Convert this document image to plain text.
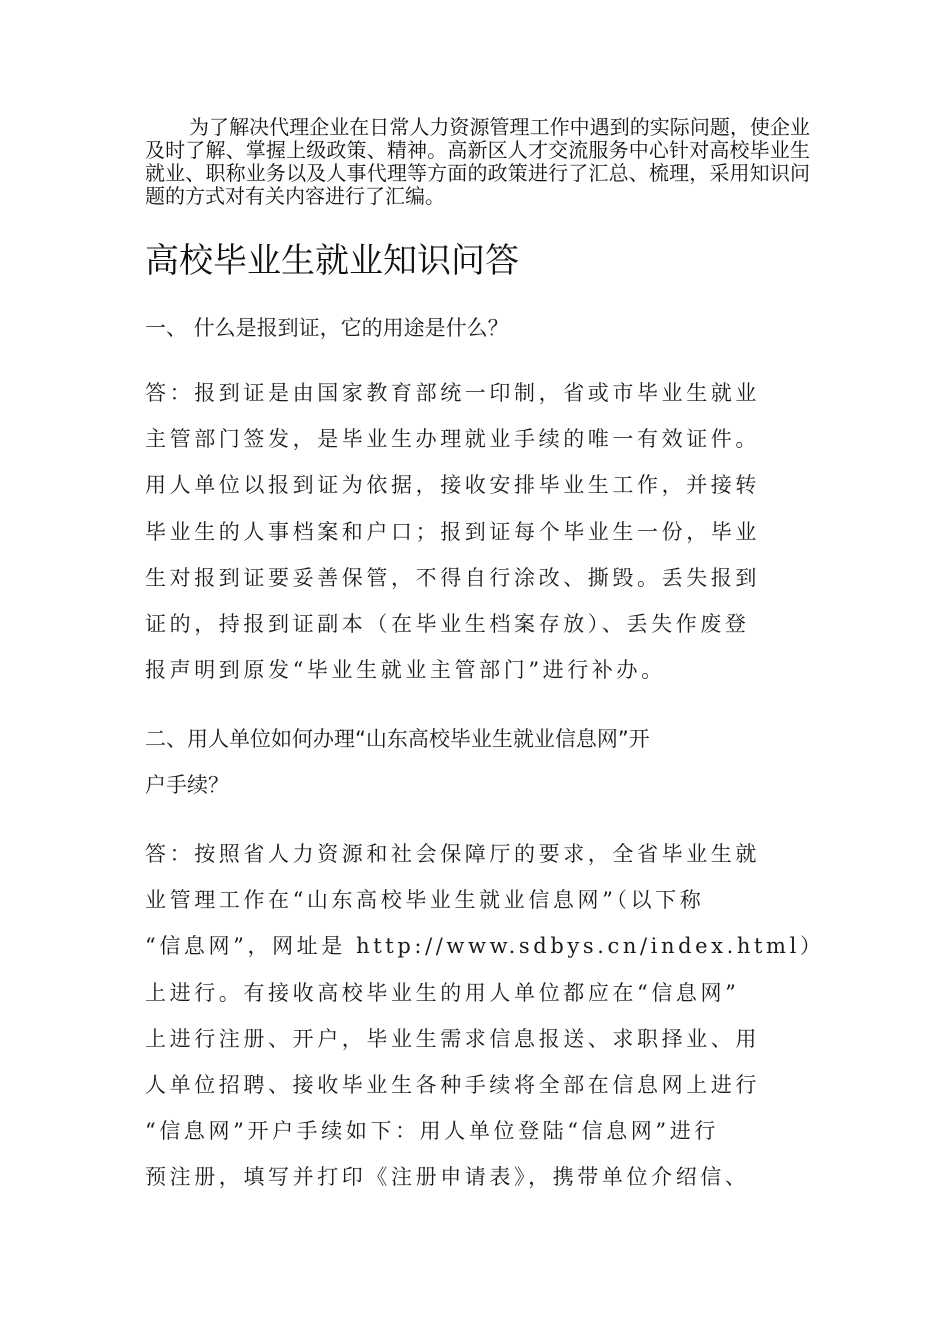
为了解决代理企业在日常人力资源管理工作中遇到的实际问题，使企业及时了解、掌握上级政策、精神。高新区人才交流服务中心针对高校毕业生就业、职称业务以及人事代理等方面的政策进行了汇总、梳理，采用知识问题的方式对有关内容进行了汇编。

高校毕业生就业知识问答

一、 什么是报到证，它的用途是什么？

答：报到证是由国家教育部统一印制，省或市毕业生就业
主管部门签发，是毕业生办理就业手续的唯一有效证件。
用人单位以报到证为依据，接收安排毕业生工作，并接转
毕业生的人事档案和户口；报到证每个毕业生一份，毕业
生对报到证要妥善保管，不得自行涂改、撕毁。丢失报到
证的，持报到证副本（在毕业生档案存放）、丢失作废登
报声明到原发“毕业生就业主管部门”进行补办。
二、用人单位如何办理“山东高校毕业生就业信息网”开
户手续？
答：按照省人力资源和社会保障厅的要求，全省毕业生就
业管理工作在“山东高校毕业生就业信息网”（以下称
“信息网”，网址是 http://www.sdbys.cn/index.html）
上进行。有接收高校毕业生的用人单位都应在“信息网”
上进行注册、开户，毕业生需求信息报送、求职择业、用
人单位招聘、接收毕业生各种手续将全部在信息网上进行
“信息网”开户手续如下：用人单位登陆“信息网”进行
预注册，填写并打印《注册申请表》，携带单位介绍信、
